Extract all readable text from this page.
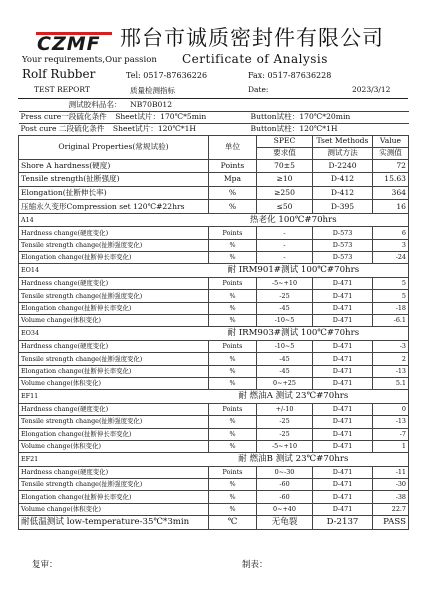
CZMF 邢台市诚质密封件有限公司
Your requirements,Our passion Certificate of Analysis
Rolf Rubber	Tel: 0517-87636226	Fax: 0517-87636228
TEST REPORT	质量检测指标	Date:	2023/3/12
测试胶料品名： NB70B012				
Press cure一段硫化条件 Sheet试片：170℃*5min Button试柱：170℃*20min				

Post cure 二段硫化条件 Sheet试片：120℃*1H Button试柱：120℃*1H				

Original Properties(常规试验)	单位	SPEC	Tset Methods	Value
		要求值	测试方法	实测值
Shore A hardness(硬度)	Points	70±5	D-2240	72
Tensile strength(扯断强度)	Mpa	≥10	D-412	15.63
Elongation(扯断伸长率)	%	≥250	D-412	364
压缩永久变形Compression set 120℃#22hrs	%	≤50	D-395	16
A14	热老化 100℃#70hrs			
Hardness change(硬度变化)	Points	-	D-573	6
Tensile strength change(扯断强度变化)	%	-	D-573	3
Elongation change(扯断伸长率变化)	%	-	D-573	-24
EO14	耐 IRM901#测试 100℃#70hrs			
Hardness change(硬度变化)	Points	-5~+10	D-471	5
Tensile strength change(扯断强度变化)	%	-25	D-471	5
Elongation change(扯断伸长率变化)	%	-45	D-471	-18
Volume change(体积变化)	%	-10~5	D-471	-6.1
EO34	耐 IRM903#测试 100℃#70hrs			
Hardness change(硬度变化)	Points	-10~5	D-471	-3
Tensile strength change(扯断强度变化)	%	-45	D-471	2
Elongation change(扯断伸长率变化)	%	-45	D-471	-13
Volume change(体积变化)	%	0~+25	D-471	5.1
EF11	耐 燃油A 测试 23℃#70hrs			
Hardness change(硬度变化)	Points	+/-10	D-471	0
Tensile strength change(扯断强度变化)	%	-25	D-471	-13
Elongation change(扯断伸长率变化)	%	-25	D-471	-7
Volume change(体积变化)	%	-5~+10	D-471	1
EF21	耐 燃油B 测试 23℃#70hrs			
Hardness change(硬度变化)	Points	0~-30	D-471	-11
Tensile strength change(扯断强度变化)	%	-60	D-471	-30
Elongation change(扯断伸长率变化)	%	-60	D-471	-38
Volume change(体积变化)	%	0~+40	D-471	22.7
耐低温测试 low-temperature-35℃*3min	℃	无龟裂	D-2137	PASS
复审：	制表：
